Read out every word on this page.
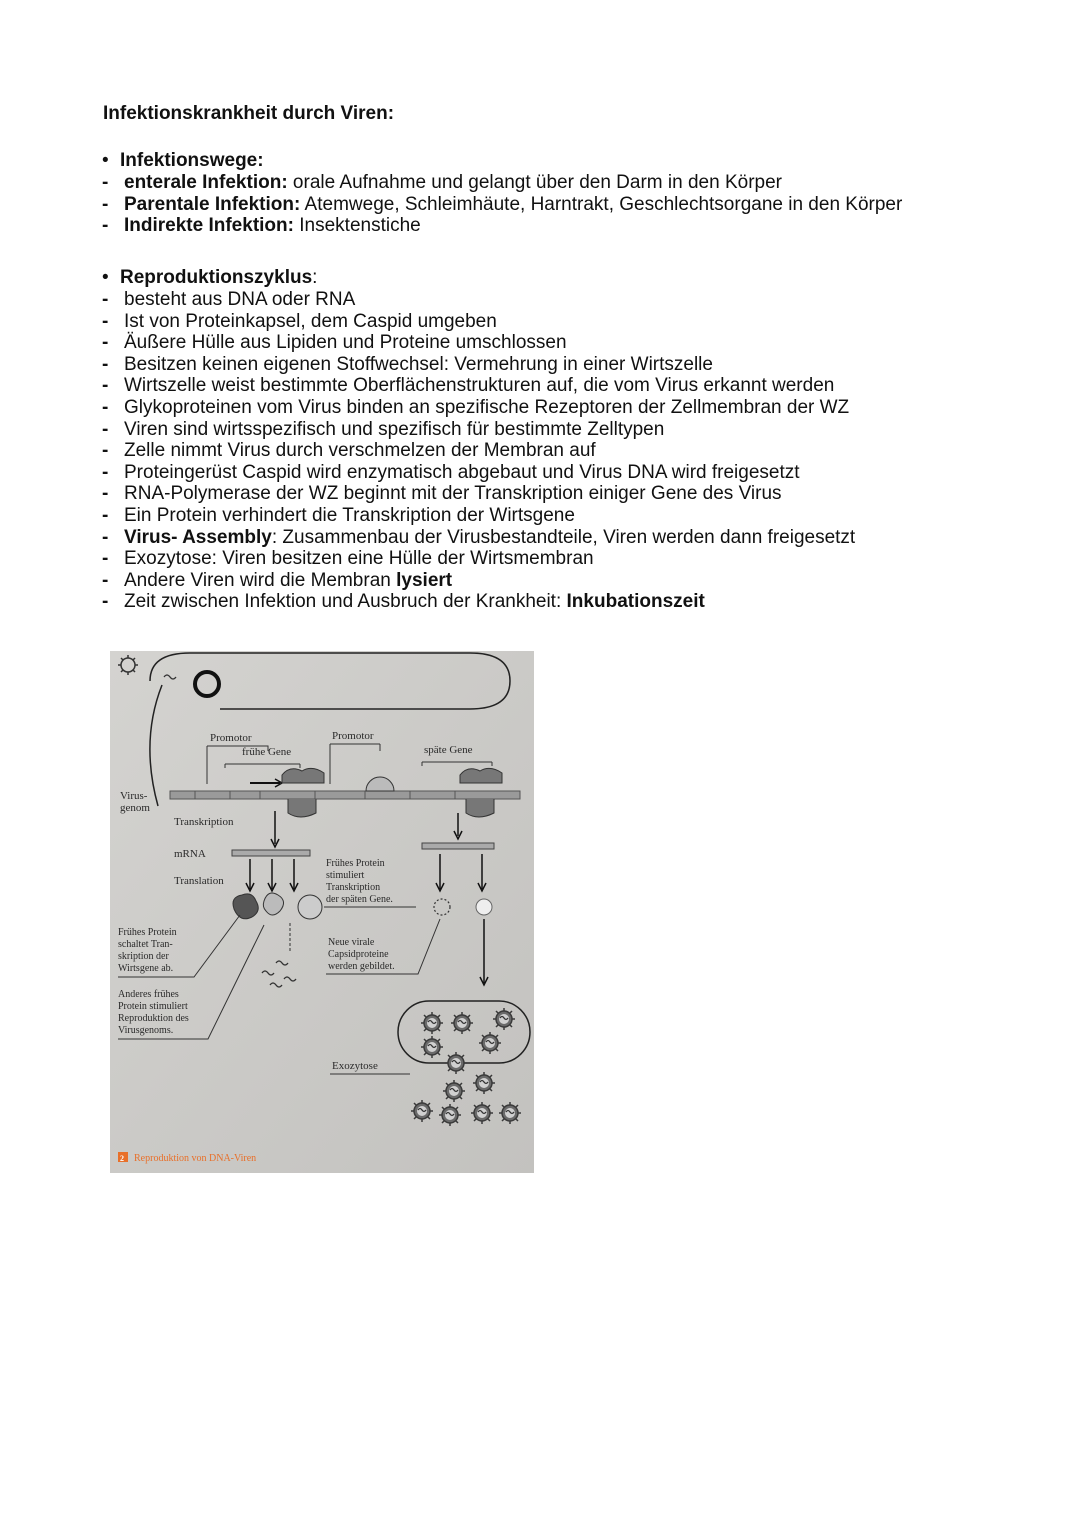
Infektionskrankheit durch Viren:
• Infektionswege:
- enterale Infektion: orale Aufnahme und gelangt über den Darm in den Körper
- Parentale Infektion: Atemwege, Schleimhäute, Harntrakt, Geschlechtsorgane in den Körper
- Indirekte Infektion: Insektenstiche
• Reproduktionszyklus:
- besteht aus DNA oder RNA
- Ist von Proteinkapsel, dem Caspid umgeben
- Äußere Hülle aus Lipiden und Proteine umschlossen
- Besitzen keinen eigenen Stoffwechsel: Vermehrung in einer Wirtszelle
- Wirtszelle weist bestimmte Oberflächenstrukturen auf, die vom Virus erkannt werden
- Glykoproteinen vom Virus binden an spezifische Rezeptoren der Zellmembran der WZ
- Viren sind wirtsspezifisch und spezifisch für bestimmte Zelltypen
- Zelle nimmt Virus durch verschmelzen der Membran auf
- Proteingerüst Caspid wird enzymatisch abgebaut und Virus DNA wird freigesetzt
- RNA-Polymerase der WZ beginnt mit der Transkription einiger Gene des Virus
- Ein Protein verhindert die Transkription der Wirtsgene
- Virus- Assembly: Zusammenbau der Virusbestandteile, Viren werden dann freigesetzt
- Exozytose: Viren besitzen eine Hülle der Wirtsmembran
- Andere Viren wird die Membran lysiert
- Zeit zwischen Infektion und Ausbruch der Krankheit: Inkubationszeit
Promotor
frühe Gene
Promotor
späte Gene
Virus-
genom
Transkription
mRNA
Translation
Frühes Protein
stimuliert
Transkription
der späten Gene.
Frühes Protein
schaltet Tran-
skription der
Wirtsgene ab.
Neue virale
Capsidproteine
werden gebildet.
Anderes frühes
Protein stimuliert
Reproduktion des
Virusgenoms.
Exozytose
2 Reproduktion von DNA-Viren
